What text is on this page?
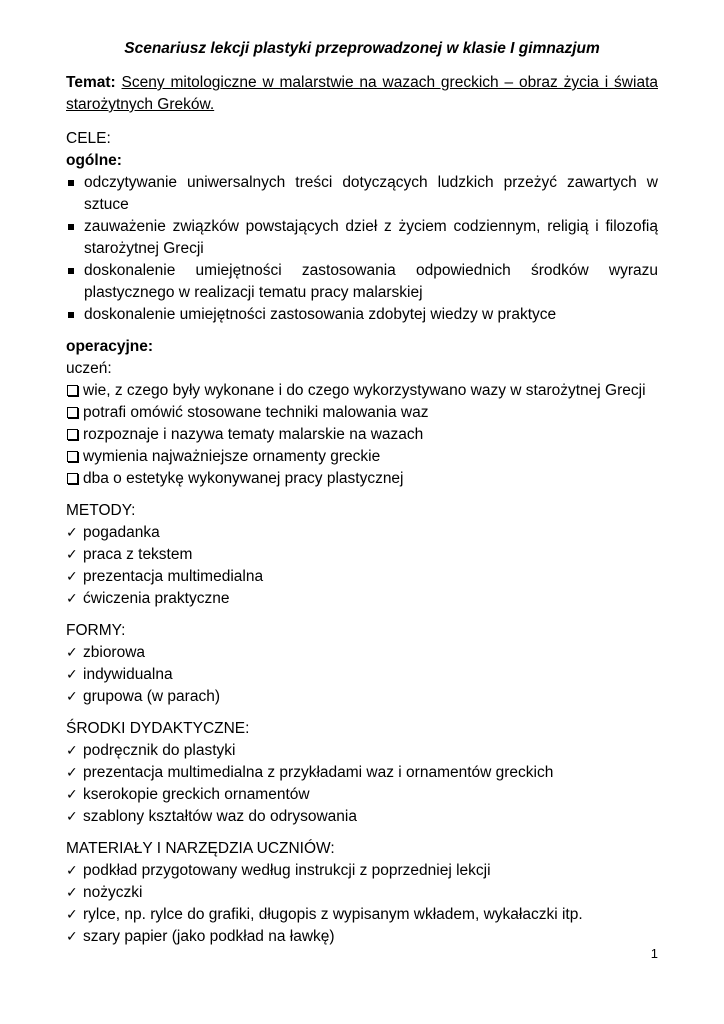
Scenariusz lekcji plastyki przeprowadzonej w klasie I gimnazjum

Temat: Sceny mitologiczne w malarstwie na wazach greckich – obraz życia i świata starożytnych Greków.

CELE:

ogólne:

odczytywanie uniwersalnych treści dotyczących ludzkich przeżyć zawartych w sztuce
zauważenie związków powstających dzieł z życiem codziennym, religią i filozofią starożytnej Grecji
doskonalenie umiejętności zastosowania odpowiednich środków wyrazu plastycznego w realizacji tematu pracy malarskiej
doskonalenie umiejętności zastosowania zdobytej wiedzy w praktyce

operacyjne:

uczeń:

wie, z czego były wykonane i do czego wykorzystywano wazy w starożytnej Grecji
potrafi omówić stosowane techniki malowania waz
rozpoznaje i nazywa tematy malarskie na wazach
wymienia najważniejsze ornamenty greckie
dba o estetykę wykonywanej pracy plastycznej

METODY:

✓ pogadanka
✓ praca z tekstem
✓ prezentacja multimedialna
✓ ćwiczenia praktyczne

FORMY:

✓ zbiorowa
✓ indywidualna
✓ grupowa (w parach)

ŚRODKI DYDAKTYCZNE:

✓ podręcznik do plastyki
✓ prezentacja multimedialna z przykładami waz i ornamentów greckich
✓ kserokopie greckich ornamentów
✓ szablony kształtów waz do odrysowania

MATERIAŁY I NARZĘDZIA UCZNIÓW:

✓ podkład przygotowany według instrukcji z poprzedniej lekcji
✓ nożyczki
✓ rylce, np. rylce do grafiki, długopis z wypisanym wkładem, wykałaczki itp.
✓ szary papier (jako podkład na ławkę)
1
